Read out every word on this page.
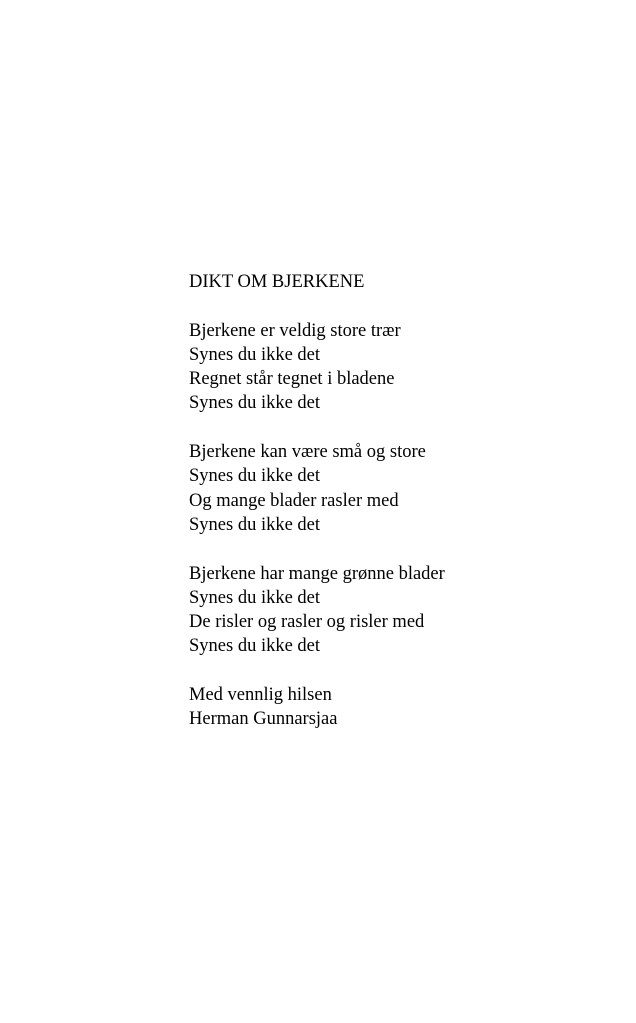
DIKT OM BJERKENE
Bjerkene er veldig store trær
Synes du ikke det
Regnet står tegnet i bladene
Synes du ikke det
Bjerkene kan være små og store
Synes du ikke det
Og mange blader rasler med
Synes du ikke det
Bjerkene har mange grønne blader
Synes du ikke det
De risler og rasler og risler med
Synes du ikke det
Med vennlig hilsen
Herman Gunnarsjaa
